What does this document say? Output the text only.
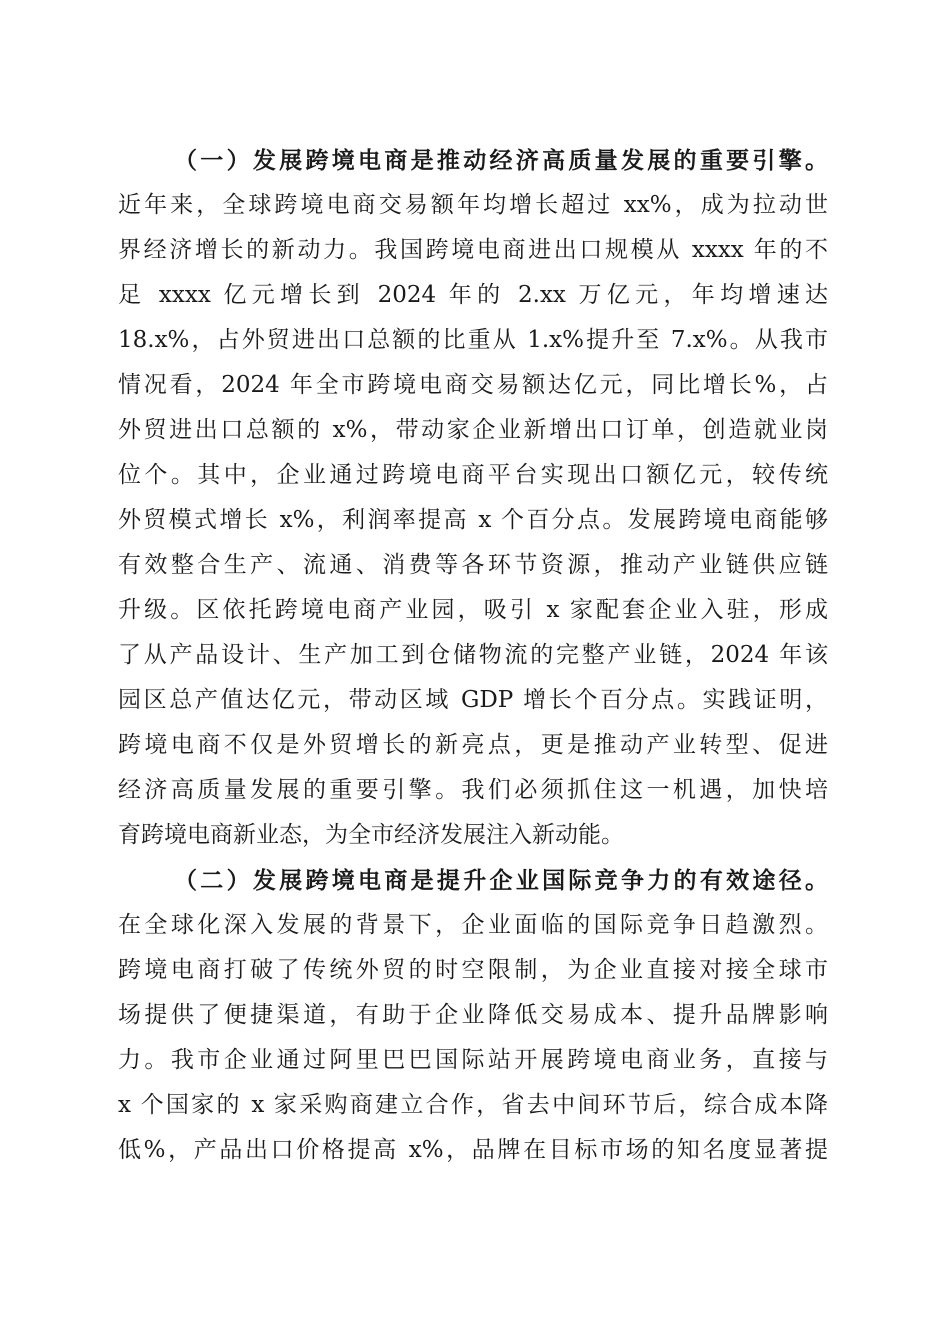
（一）发展跨境电商是推动经济高质量发展的重要引擎。
近年来，全球跨境电商交易额年均增长超过 xx%，成为拉动世
界经济增长的新动力。我国跨境电商进出口规模从 xxxx 年的不
足 xxxx 亿元增长到 2024 年的 2.xx 万亿元，年均增速达
18.x%，占外贸进出口总额的比重从 1.x%提升至 7.x%。从我市
情况看，2024 年全市跨境电商交易额达亿元，同比增长%，占
外贸进出口总额的 x%，带动家企业新增出口订单，创造就业岗
位个。其中，企业通过跨境电商平台实现出口额亿元，较传统
外贸模式增长 x%，利润率提高 x 个百分点。发展跨境电商能够
有效整合生产、流通、消费等各环节资源，推动产业链供应链
升级。区依托跨境电商产业园，吸引 x 家配套企业入驻，形成
了从产品设计、生产加工到仓储物流的完整产业链，2024 年该
园区总产值达亿元，带动区域 GDP 增长个百分点。实践证明，
跨境电商不仅是外贸增长的新亮点，更是推动产业转型、促进
经济高质量发展的重要引擎。我们必须抓住这一机遇，加快培
育跨境电商新业态，为全市经济发展注入新动能。
（二）发展跨境电商是提升企业国际竞争力的有效途径。
在全球化深入发展的背景下，企业面临的国际竞争日趋激烈。
跨境电商打破了传统外贸的时空限制，为企业直接对接全球市
场提供了便捷渠道，有助于企业降低交易成本、提升品牌影响
力。我市企业通过阿里巴巴国际站开展跨境电商业务，直接与
x 个国家的 x 家采购商建立合作，省去中间环节后，综合成本降
低%，产品出口价格提高 x%，品牌在目标市场的知名度显著提
